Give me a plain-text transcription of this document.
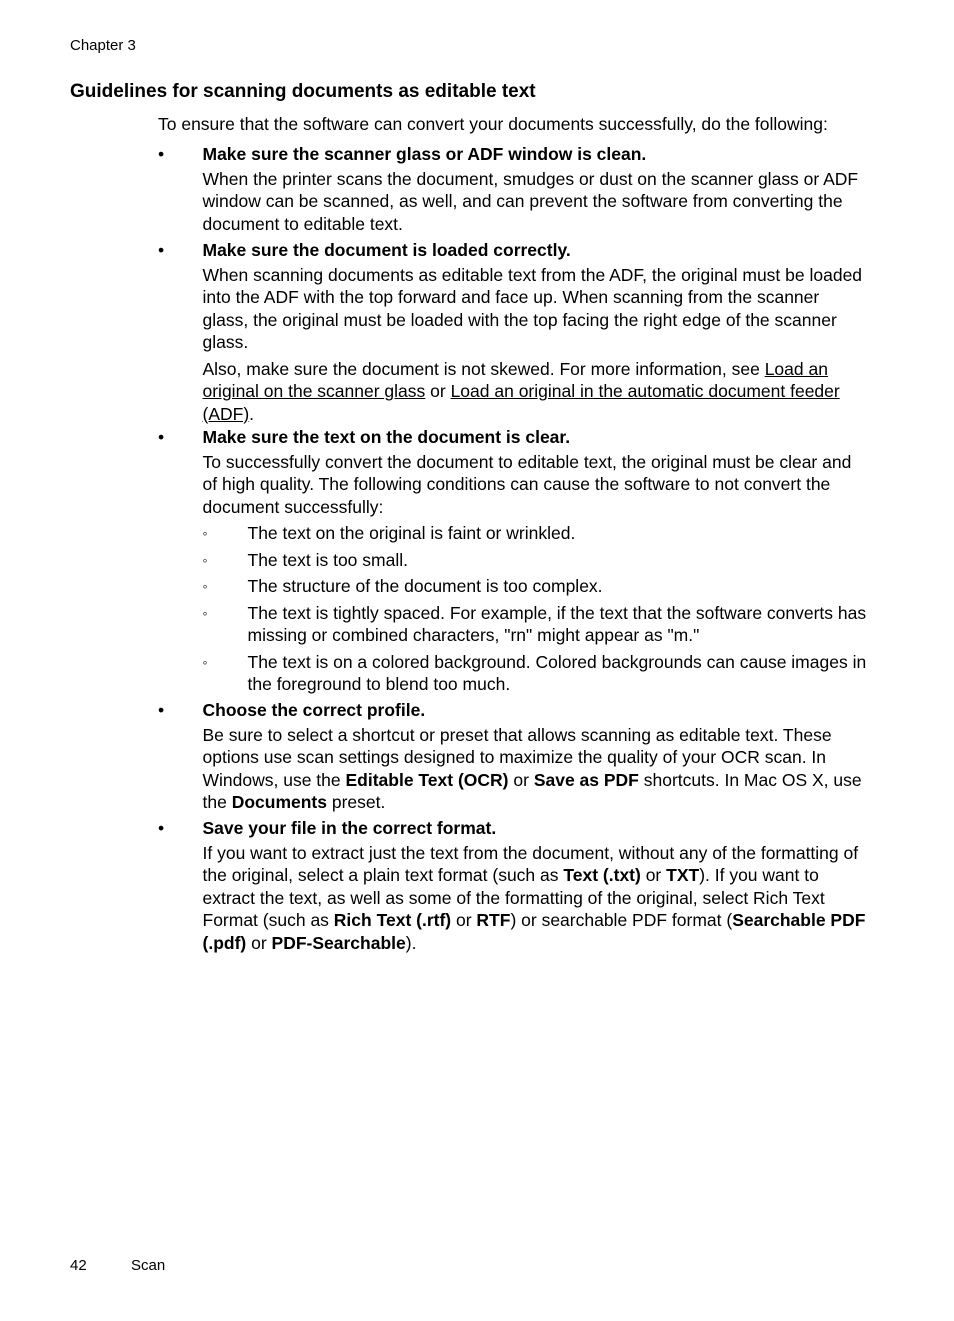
Chapter 3
Guidelines for scanning documents as editable text
To ensure that the software can convert your documents successfully, do the following:
• Make sure the scanner glass or ADF window is clean.

When the printer scans the document, smudges or dust on the scanner glass or ADF window can be scanned, as well, and can prevent the software from converting the document to editable text.

• Make sure the document is loaded correctly.

When scanning documents as editable text from the ADF, the original must be loaded into the ADF with the top forward and face up. When scanning from the scanner glass, the original must be loaded with the top facing the right edge of the scanner glass.

Also, make sure the document is not skewed. For more information, see Load an original on the scanner glass or Load an original in the automatic document feeder (ADF).

• Make sure the text on the document is clear.

To successfully convert the document to editable text, the original must be clear and of high quality. The following conditions can cause the software to not convert the document successfully:

◦ The text on the original is faint or wrinkled.
◦ The text is too small.
◦ The structure of the document is too complex.
◦ The text is tightly spaced. For example, if the text that the software converts has missing or combined characters, "rn" might appear as "m."
◦ The text is on a colored background. Colored backgrounds can cause images in the foreground to blend too much.
• Choose the correct profile.

Be sure to select a shortcut or preset that allows scanning as editable text. These options use scan settings designed to maximize the quality of your OCR scan. In Windows, use the Editable Text (OCR) or Save as PDF shortcuts. In Mac OS X, use the Documents preset.

• Save your file in the correct format.

If you want to extract just the text from the document, without any of the formatting of the original, select a plain text format (such as Text (.txt) or TXT). If you want to extract the text, as well as some of the formatting of the original, select Rich Text Format (such as Rich Text (.rtf) or RTF) or searchable PDF format (Searchable PDF (.pdf) or PDF-Searchable).

42	Scan
